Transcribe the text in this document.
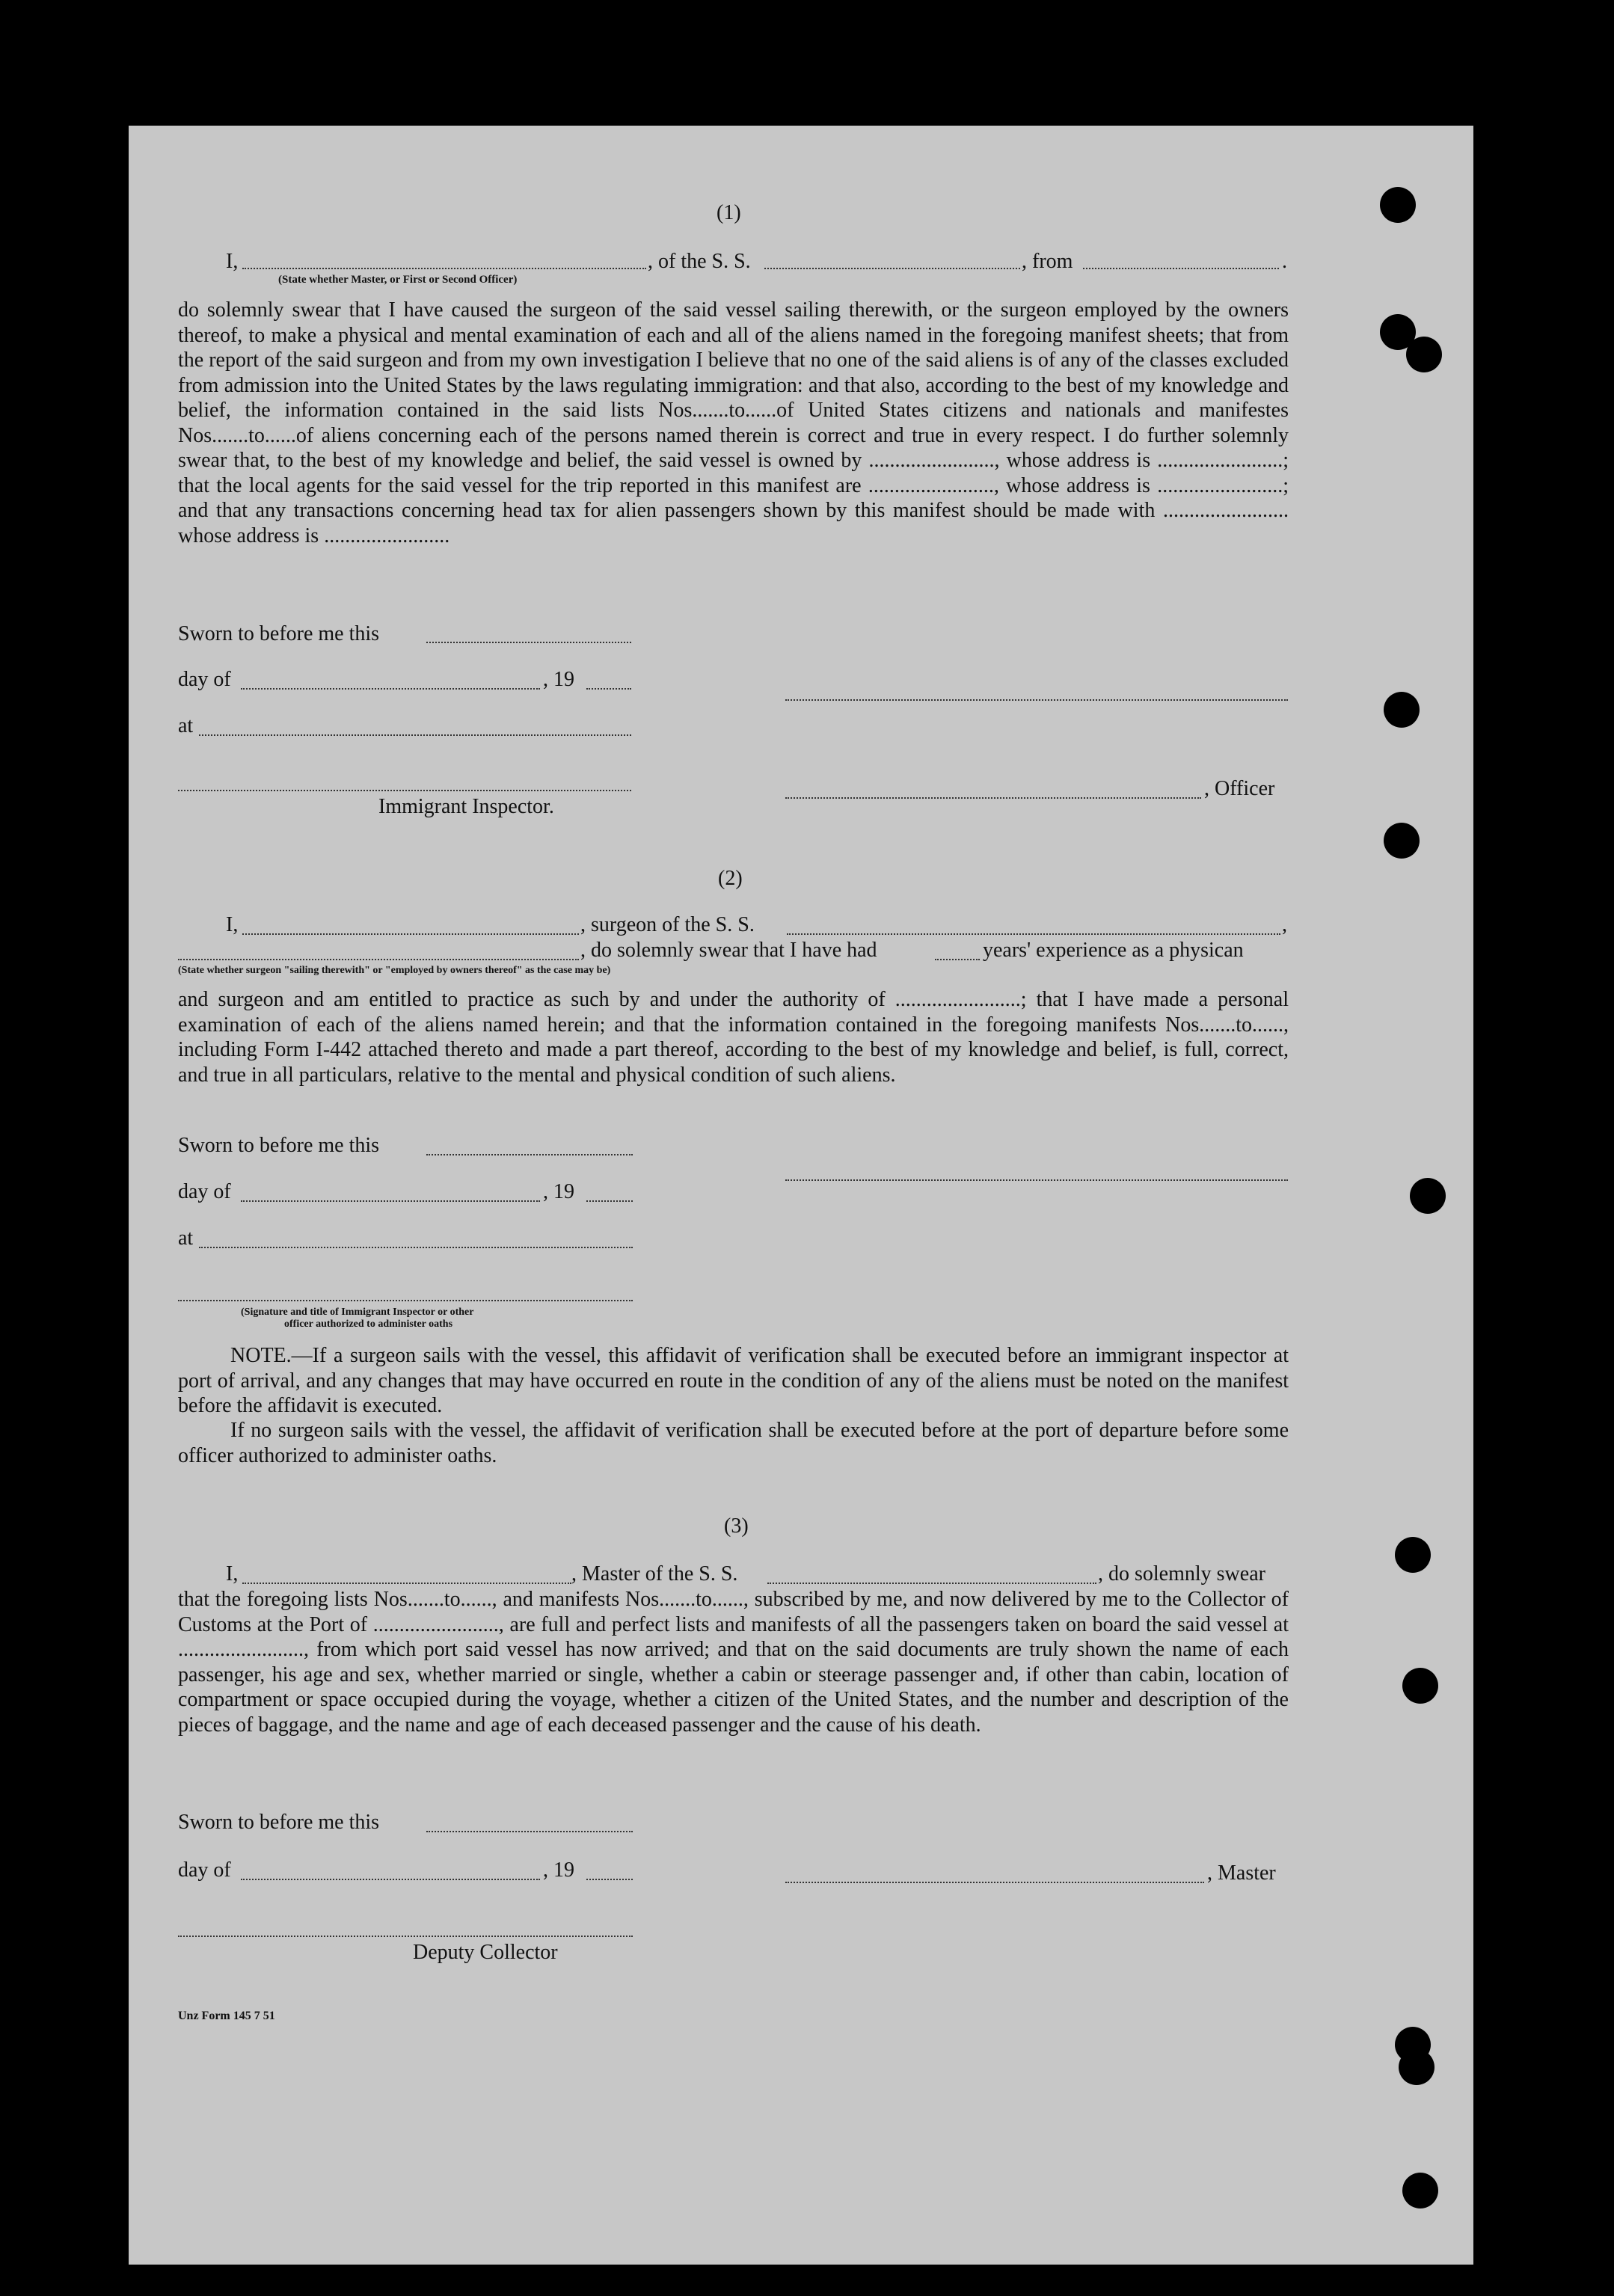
(1)
I,	, of the S. S.	, from	.
(State whether Master, or First or Second Officer)
do solemnly swear that I have caused the surgeon of the said vessel sailing therewith, or the surgeon employed by the owners thereof, to make a physical and mental examination of each and all of the aliens named in the foregoing manifest sheets; that from the report of the said surgeon and from my own investigation I believe that no one of the said aliens is of any of the classes excluded from admission into the United States by the laws regulating immigration: and that also, according to the best of my knowledge and belief, the information contained in the said lists Nos.......to......of United States citizens and nationals and manifestes Nos.......to......of aliens concerning each of the persons named therein is correct and true in every respect. I do further solemnly swear that, to the best of my knowledge and belief, the said vessel is owned by ........................, whose address is ........................; that the local agents for the said vessel for the trip reported in this manifest are ........................, whose address is ........................; and that any transactions concerning head tax for alien passengers shown by this manifest should be made with ........................ whose address is ........................
Sworn to before me this
day of	, 19
at
, Officer
Immigrant Inspector.
(2)
I,	, surgeon of the S. S.	,
, do solemnly swear that I have had	years' experience as a physican
(State whether surgeon "sailing therewith" or "employed by owners thereof" as the case may be)
and surgeon and am entitled to practice as such by and under the authority of ........................; that I have made a personal examination of each of the aliens named herein; and that the information contained in the foregoing manifests Nos.......to......, including Form I-442 attached thereto and made a part thereof, according to the best of my knowledge and belief, is full, correct, and true in all particulars, relative to the mental and physical condition of such aliens.
Sworn to before me this
day of	, 19
at
(Signature and title of Immigrant Inspector or other
officer authorized to administer oaths
NOTE.—If a surgeon sails with the vessel, this affidavit of verification shall be executed before an immigrant inspector at port of arrival, and any changes that may have occurred en route in the condition of any of the aliens must be noted on the manifest before the affidavit is executed.
If no surgeon sails with the vessel, the affidavit of verification shall be executed before at the port of departure before some officer authorized to administer oaths.
(3)
I,	, Master of the S. S.	, do solemnly swear
that the foregoing lists Nos.......to......, and manifests Nos.......to......, subscribed by me, and now delivered by me to the Collector of Customs at the Port of ........................, are full and perfect lists and manifests of all the passengers taken on board the said vessel at ........................, from which port said vessel has now arrived; and that on the said documents are truly shown the name of each passenger, his age and sex, whether married or single, whether a cabin or steerage passenger and, if other than cabin, location of compartment or space occupied during the voyage, whether a citizen of the United States, and the number and description of the pieces of baggage, and the name and age of each deceased passenger and the cause of his death.
Sworn to before me this
day of	, 19	, Master
Deputy Collector
Unz Form 145 7 51
